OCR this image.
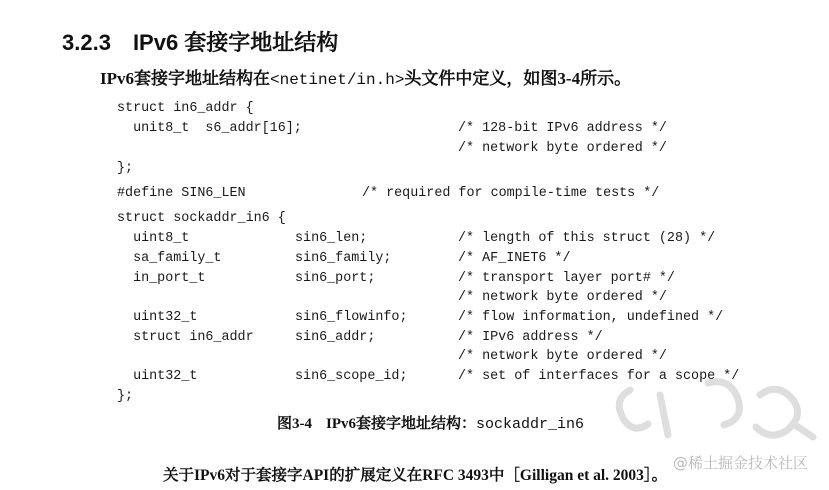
3.2.3 IPv6 套接字地址结构
IPv6套接字地址结构在<netinet/in.h>头文件中定义，如图3-4所示。
struct in6_addr {
unit8_t  s6_addr[16];	/* 128-bit IPv6 address */
/* network byte ordered */
};
#define SIN6_LEN	/* required for compile-time tests */
struct sockaddr_in6 {
uint8_t	sin6_len;	/* length of this struct (28) */
sa_family_t	sin6_family;	/* AF_INET6 */
in_port_t	sin6_port;	/* transport layer port# */
/* network byte ordered */
uint32_t	sin6_flowinfo;	/* flow information, undefined */
struct in6_addr	sin6_addr;	/* IPv6 address */
/* network byte ordered */
uint32_t	sin6_scope_id;	/* set of interfaces for a scope */
};
图3-4 IPv6套接字地址结构：sockaddr_in6
关于IPv6对于套接字API的扩展定义在RFC 3493中［Gilligan et al. 2003］。
@稀土掘金技术社区
